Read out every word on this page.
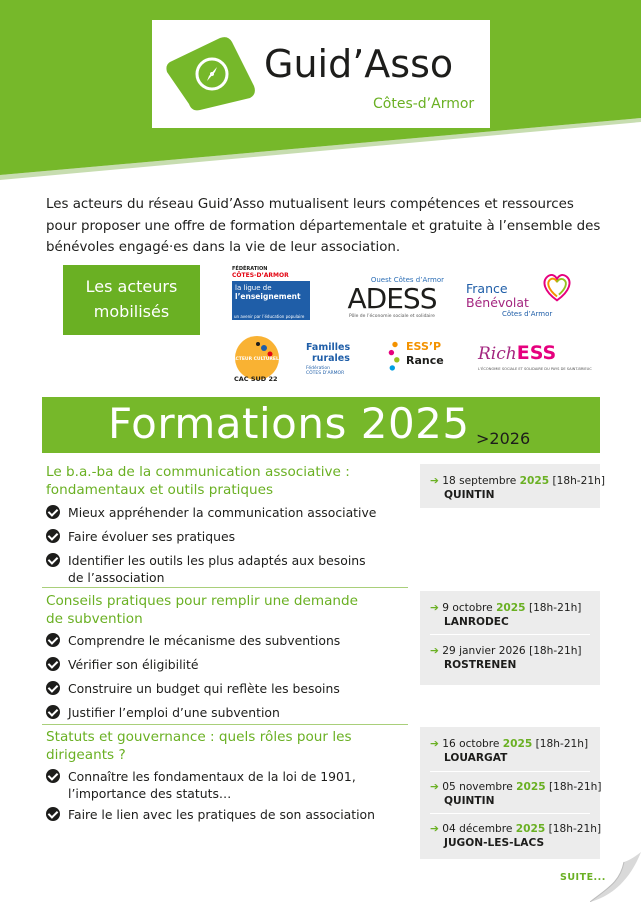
Guid’Asso
Côtes-d’Armor

Les acteurs du réseau Guid’Asso mutualisent leurs compétences et ressources pour proposer une offre de formation départementale et gratuite à l’ensemble des bénévoles engagé·es dans la vie de leur association.

Les acteurs
mobilisés
FÉDÉRATION
CÔTES-D’ARMOR
la ligue de
l’enseignement
un avenir par l’éducation populaire
Ouest Côtes d’Armor
ADESS
Pôle de l’économie sociale et solidaire
France
Bénévolat
Côtes d’Armor
ACTEUR CULTUREL
CAC SUD 22
Familles
rurales
Fédération
CÔTES D’ARMOR
ESS’P
Rance RichESS
L’ÉCONOMIE SOCIALE ET SOLIDAIRE DU PAYS DE SAINT-BRIEUC
Formations 2025 >2026
Le b.a.-ba de la communication associative : fondamentaux et outils pratiques
Mieux appréhender la communication associative
Faire évoluer ses pratiques
Identifier les outils les plus adaptés aux besoins de l’association
➔ 18 septembre 2025 [18h-21h]
QUINTIN
Conseils pratiques pour remplir une demande de subvention
Comprendre le mécanisme des subventions
Vérifier son éligibilité
Construire un budget qui reflète les besoins
Justifier l’emploi d’une subvention
➔ 9 octobre 2025 [18h-21h]
LANRODEC
➔ 29 janvier 2026 [18h-21h]
ROSTRENEN
Statuts et gouvernance : quels rôles pour les dirigeants ?
Connaître les fondamentaux de la loi de 1901, l’importance des statuts…
Faire le lien avec les pratiques de son association
➔ 16 octobre 2025 [18h-21h]
LOUARGAT
➔ 05 novembre 2025 [18h-21h]
QUINTIN
➔ 04 décembre 2025 [18h-21h]
JUGON-LES-LACS
SUITE...
